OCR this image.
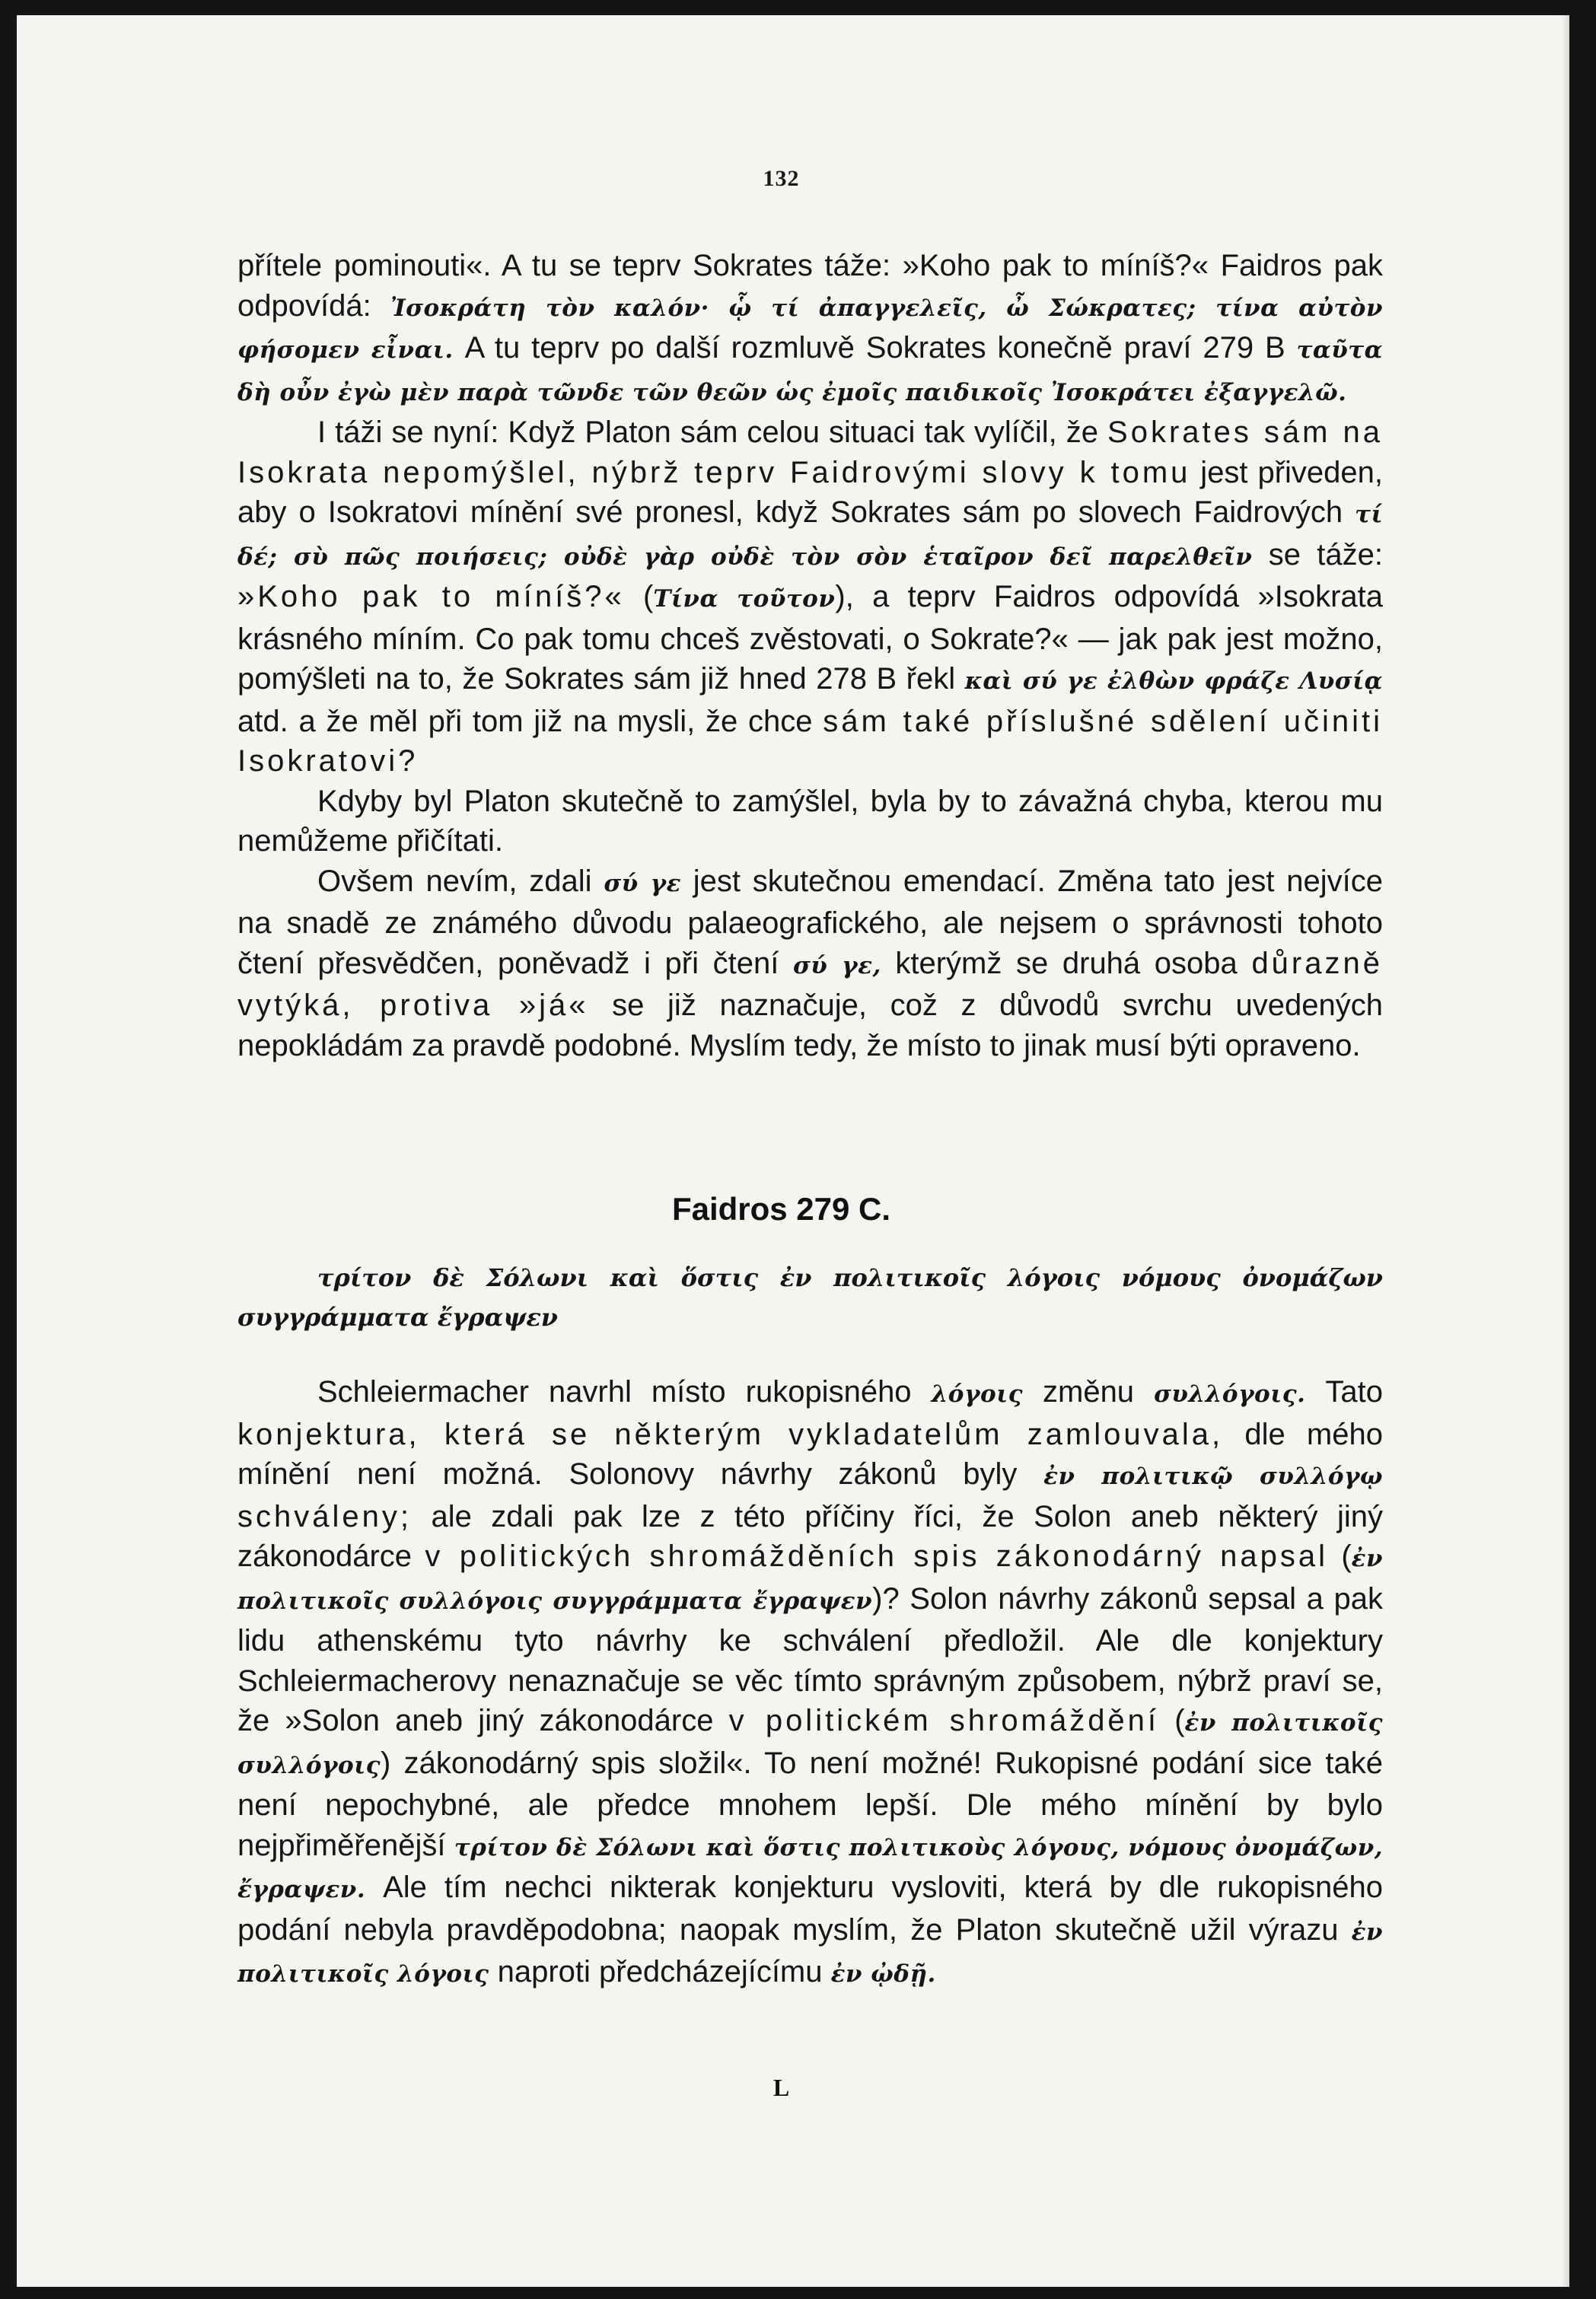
132

přítele pominouti«. A tu se teprv Sokrates táže: »Koho pak to míníš?« Faidros pak odpovídá: Ἰσοκράτη τὸν καλόν· ᾧ τί ἀπαγγελεῖς, ὦ Σώκρατες; τίνα αὐτὸν φήσομεν εἶναι. A tu teprv po další rozmluvě Sokrates konečně praví 279 B ταῦτα δὴ οὖν ἐγὼ μὲν παρὰ τῶνδε τῶν θεῶν ὡς ἐμοῖς παιδικοῖς Ἰσοκράτει ἐξαγγελῶ.

I táži se nyní: Když Platon sám celou situaci tak vylíčil, že Sokrates sám na Isokrata nepomýšlel, nýbrž teprv Faidrovými slovy k tomu jest přiveden, aby o Isokratovi mínění své pronesl, když Sokrates sám po slovech Faidrových τί δέ; σὺ πῶς ποιήσεις; οὐδὲ γὰρ οὐδὲ τὸν σὸν ἑταῖρον δεῖ παρελθεῖν se táže: »Koho pak to míníš?« (Τίνα τοῦτον), a teprv Faidros odpovídá »Isokrata krásného míním. Co pak tomu chceš zvěstovati, o Sokrate?« — jak pak jest možno, pomýšleti na to, že Sokrates sám již hned 278 B řekl καὶ σύ γε ἐλθὼν φράζε Λυσίᾳ atd. a že měl při tom již na mysli, že chce sám také příslušné sdělení učiniti Isokratovi?

Kdyby byl Platon skutečně to zamýšlel, byla by to závažná chyba, kterou mu nemůžeme přičítati.

Ovšem nevím, zdali σύ γε jest skutečnou emendací. Změna tato jest nejvíce na snadě ze známého důvodu palaeografického, ale nejsem o správnosti tohoto čtení přesvědčen, poněvadž i při čtení σύ γε, kterýmž se druhá osoba důrazně vytýká, protiva »já« se již naznačuje, což z důvodů svrchu uvedených nepokládám za pravdě podobné. Myslím tedy, že místo to jinak musí býti opraveno.

Faidros 279 C.
τρίτον δὲ Σόλωνι καὶ ὅστις ἐν πολιτικοῖς λόγοις νόμους ὀνομάζων συγγράμματα ἔγραψεν

Schleiermacher navrhl místo rukopisného λόγοις změnu συλλόγοις. Tato konjektura, která se některým vykladatelům zamlouvala, dle mého mínění není možná. Solonovy návrhy zákonů byly ἐν πολιτικῷ συλλόγῳ schváleny; ale zdali pak lze z této příčiny říci, že Solon aneb některý jiný zákonodárce v politických shromážděních spis zákonodárný napsal (ἐν πολιτικοῖς συλλόγοις συγγράμματα ἔγραψεν)? Solon návrhy zákonů sepsal a pak lidu athenskému tyto návrhy ke schválení předložil. Ale dle konjektury Schleiermacherovy nenaznačuje se věc tímto správným způsobem, nýbrž praví se, že »Solon aneb jiný zákonodárce v politickém shromáždění (ἐν πολιτικοῖς συλλόγοις) zákonodárný spis složil«. To není možné! Rukopisné podání sice také není nepochybné, ale předce mnohem lepší. Dle mého mínění by bylo nejpřiměřenější τρίτον δὲ Σόλωνι καὶ ὅστις πολιτικοὺς λόγους, νόμους ὀνομάζων, ἔγραψεν. Ale tím nechci nikterak konjekturu vysloviti, která by dle rukopisného podání nebyla pravděpodobna; naopak myslím, že Platon skutečně užil výrazu ἐν πολιτικοῖς λόγοις naproti předcházejícímu ἐν ᾠδῇ.

L
